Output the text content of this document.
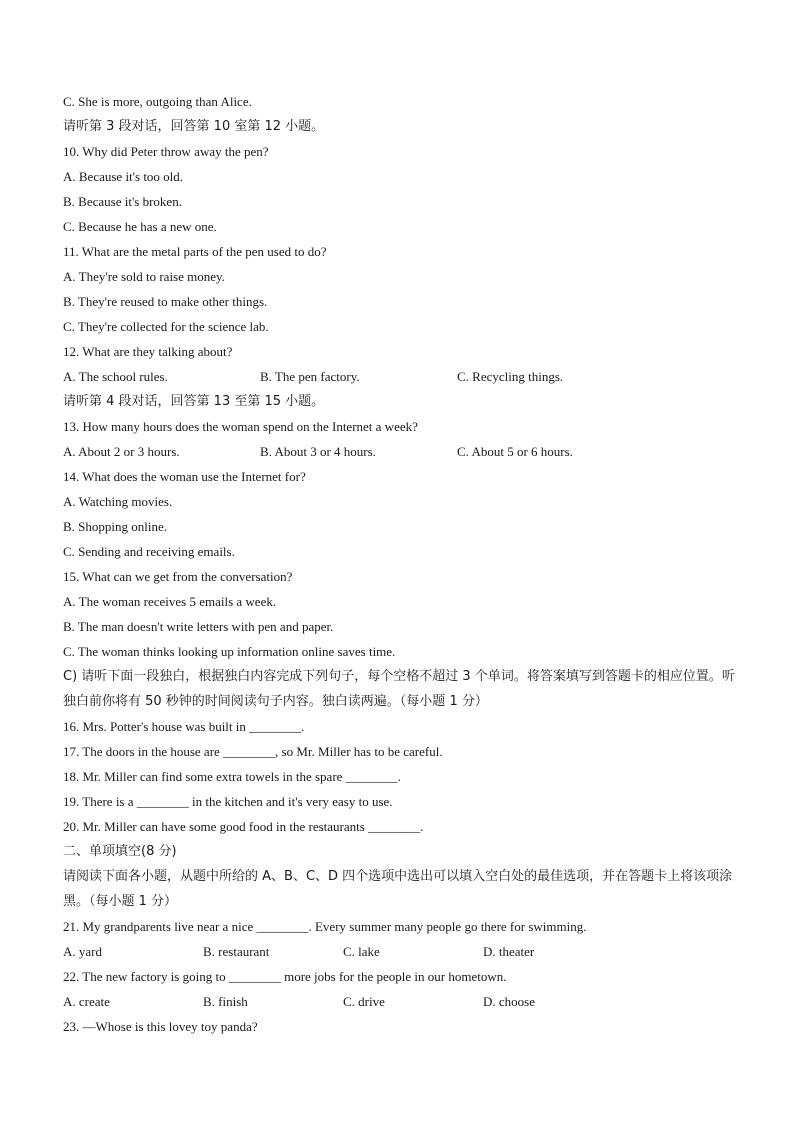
C. She is more, outgoing than Alice.
请听第 3 段对话，回答第 10 室第 12 小题。
10. Why did Peter throw away the pen?
A. Because it's too old.
B. Because it's broken.
C. Because he has a new one.
11. What are the metal parts of the pen used to do?
A. They're sold to raise money.
B. They're reused to make other things.
C. They're collected for the science lab.
12. What are they talking about?
A. The school rules.	B. The pen factory.	C. Recycling things.
请听第 4 段对话，回答第 13 至第 15 小题。
13. How many hours does the woman spend on the Internet a week?
A. About 2 or 3 hours.	B. About 3 or 4 hours.	C. About 5 or 6 hours.
14. What does the woman use the Internet for?
A. Watching movies.
B. Shopping online.
C. Sending and receiving emails.
15. What can we get from the conversation?
A. The woman receives 5 emails a week.
B. The man doesn't write letters with pen and paper.
C. The woman thinks looking up information online saves time.
C) 请听下面一段独白，根据独白内容完成下列句子，每个空格不超过 3 个单词。将答案填写到答题卡的相应位置。听独白前你将有 50 秒钟的时间阅读句子内容。独白读两遍。（每小题 1 分）
16. Mrs. Potter's house was built in ________.
17. The doors in the house are ________, so Mr. Miller has to be careful.
18. Mr. Miller can find some extra towels in the spare ________.
19. There is a ________ in the kitchen and it's very easy to use.
20. Mr. Miller can have some good food in the restaurants ________.
二、单项填空(8 分)
请阅读下面各小题，从题中所给的 A、B、C、D 四个选项中选出可以填入空白处的最佳选项，并在答题卡上将该项涂黑。（每小题 1 分）
21. My grandparents live near a nice ________. Every summer many people go there for swimming.
A. yard	B. restaurant	C. lake	D. theater
22. The new factory is going to ________ more jobs for the people in our hometown.
A. create	B. finish	C. drive	D. choose
23. —Whose is this lovey toy panda?
